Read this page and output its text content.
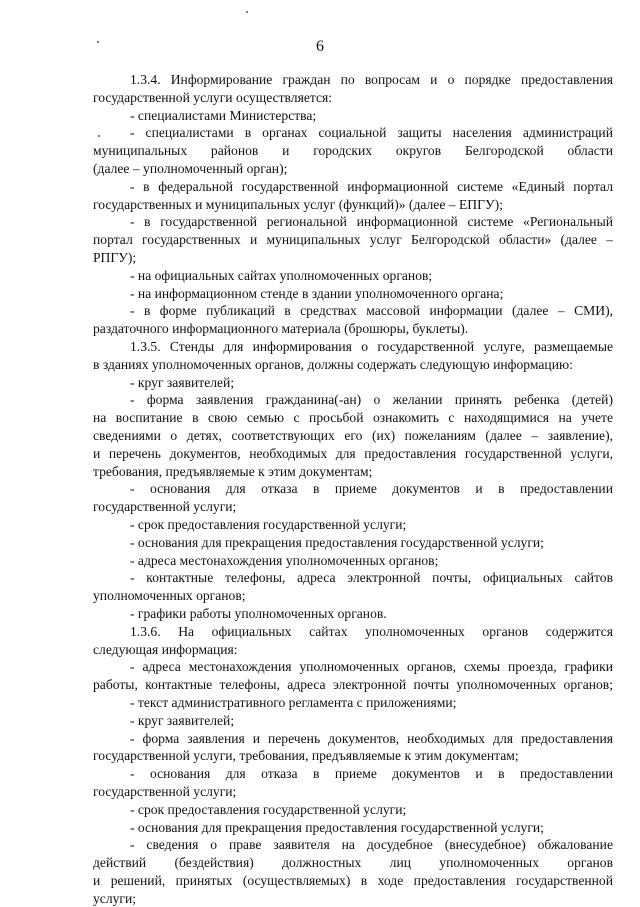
6
1.3.4. Информирование граждан по вопросам и о порядке предоставления
государственной услуги осуществляется:
- специалистами Министерства;
- специалистами в органах социальной защиты населения администраций
муниципальных районов и городских округов Белгородской области
(далее – уполномоченный орган);
- в федеральной государственной информационной системе «Единый портал
государственных и муниципальных услуг (функций)» (далее – ЕПГУ);
- в государственной региональной информационной системе «Региональный
портал государственных и муниципальных услуг Белгородской области» (далее –
РПГУ);
- на официальных сайтах уполномоченных органов;
- на информационном стенде в здании уполномоченного органа;
- в форме публикаций в средствах массовой информации (далее – СМИ),
раздаточного информационного материала (брошюры, буклеты).
1.3.5. Стенды для информирования о государственной услуге, размещаемые
в зданиях уполномоченных органов, должны содержать следующую информацию:
- круг заявителей;
- форма заявления гражданина(-ан) о желании принять ребенка (детей)
на воспитание в свою семью с просьбой ознакомить с находящимися на учете
сведениями о детях, соответствующих его (их) пожеланиям (далее – заявление),
и перечень документов, необходимых для предоставления государственной услуги,
требования, предъявляемые к этим документам;
- основания для отказа в приеме документов и в предоставлении
государственной услуги;
- срок предоставления государственной услуги;
- основания для прекращения предоставления государственной услуги;
- адреса местонахождения уполномоченных органов;
- контактные телефоны, адреса электронной почты, официальных сайтов
уполномоченных органов;
- графики работы уполномоченных органов.
1.3.6. На официальных сайтах уполномоченных органов содержится
следующая информация:
- адреса местонахождения уполномоченных органов, схемы проезда, графики
работы, контактные телефоны, адреса электронной почты уполномоченных органов;
- текст административного регламента с приложениями;
- круг заявителей;
- форма заявления и перечень документов, необходимых для предоставления
государственной услуги, требования, предъявляемые к этим документам;
- основания для отказа в приеме документов и в предоставлении
государственной услуги;
- срок предоставления государственной услуги;
- основания для прекращения предоставления государственной услуги;
- сведения о праве заявителя на досудебное (внесудебное) обжалование
действий (бездействия) должностных лиц уполномоченных органов
и решений, принятых (осуществляемых) в ходе предоставления государственной
услуги;
